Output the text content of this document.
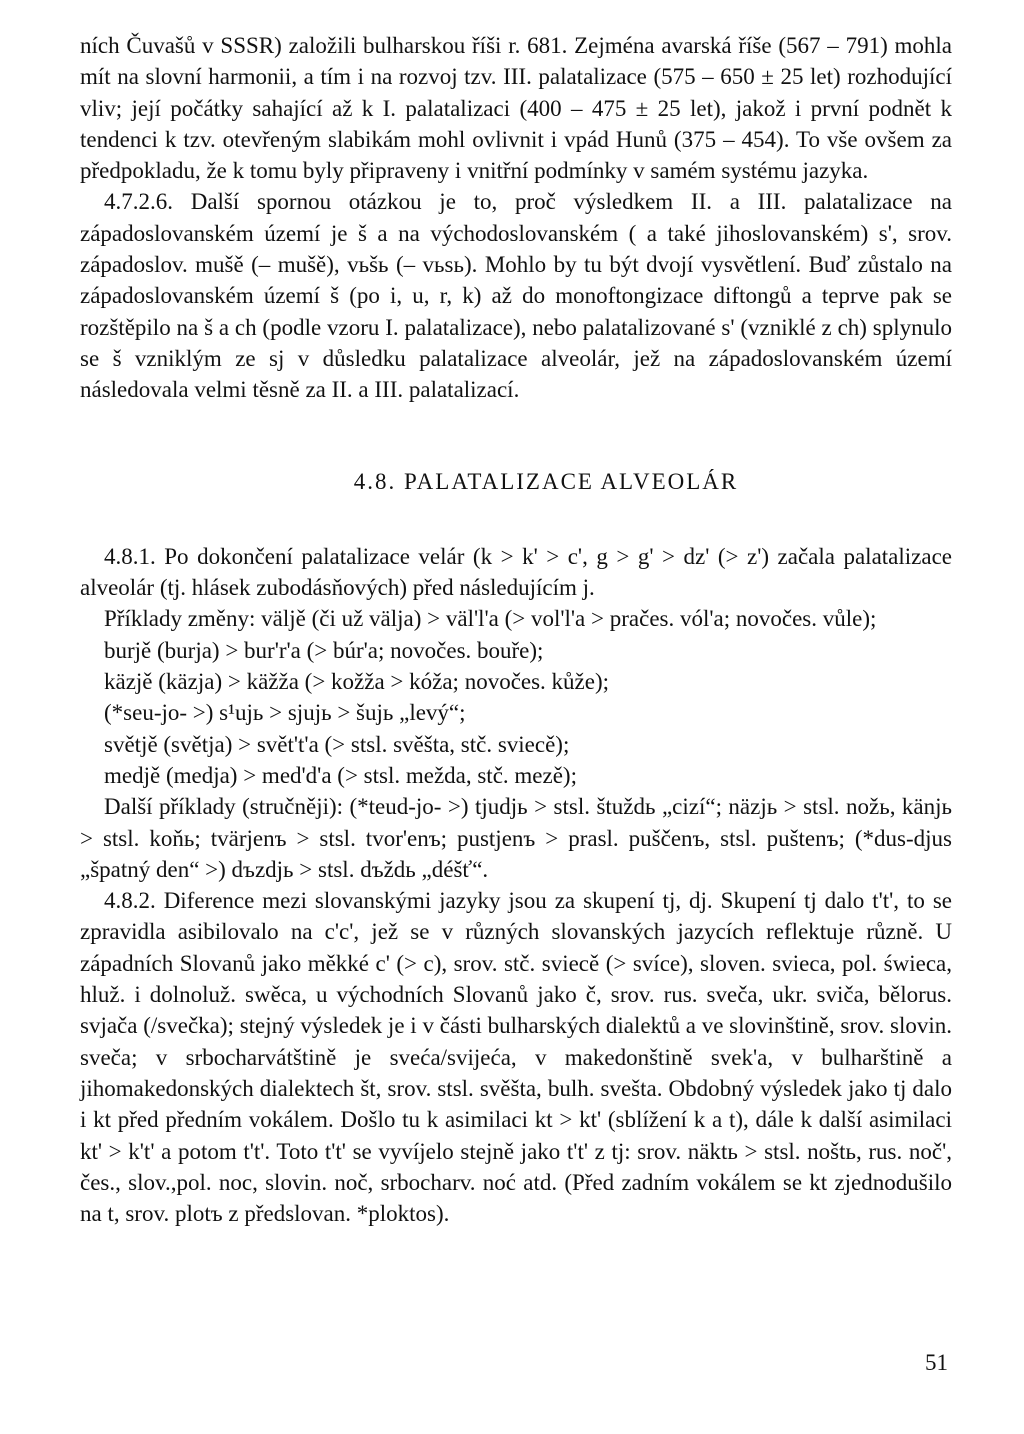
ních Čuvašů v SSSR) založili bulharskou říši r. 681. Zejména avarská říše (567 – 791) mohla mít na slovní harmonii, a tím i na rozvoj tzv. III. palatalizace (575 – 650 ± 25 let) rozhodující vliv; její počátky sahající až k I. palatalizaci (400 – 475 ± 25 let), jakož i první podnět k tendenci k tzv. otevřeným slabikám mohl ovlivnit i vpád Hunů (375 – 454). To vše ovšem za předpokladu, že k tomu byly připraveny i vnitřní podmínky v samém systému jazyka.

4.7.2.6. Další spornou otázkou je to, proč výsledkem II. a III. palatalizace na západoslovanském území je š a na východoslovanském ( a také jihoslovanském) s', srov. západoslov. mušě (– mušě), vьšь (– vьsь). Mohlo by tu být dvojí vysvětlení. Buď zůstalo na západoslovanském území š (po i, u, r, k) až do monoftongizace diftongů a teprve pak se rozštěpilo na š a ch (podle vzoru I. palatalizace), nebo palatalizované s' (vzniklé z ch) splynulo se š vzniklým ze sj v důsledku palatalizace alveolár, jež na západoslovanském území následovala velmi těsně za II. a III. palatalizací.

4.8. PALATALIZACE ALVEOLÁR

4.8.1. Po dokončení palatalizace velár (k > k' > c', g > g' > dz' (> z') začala palatalizace alveolár (tj. hlásek zubodásňových) před následujícím j.

Příklady změny: väljě (či už välja) > väl'l'a (> vol'l'a > pračes. vól'a; novočes. vůle);

burjě (burja) > bur'r'a (> búr'a; novočes. bouře);

käzjě (käzja) > käžža (> kožža > kóža; novočes. kůže);

(*seu-jo- >) s¹ujь > sjujь > šujь „levý“;

světjě (světja) > svět't'a (> stsl. svěšta, stč. sviecě);

medjě (medja) > med'd'a (> stsl. mežda, stč. mezě);

Další příklady (stručněji): (*teud-jo- >) tjudjь > stsl. štuždь „cizí“; näzjь > stsl. nožь, känjь > stsl. koňь; tvärjenъ > stsl. tvor'enъ; pustjenъ > prasl. puščenъ, stsl. puštenъ; (*dus-djus „špatný den“ >) dъzdjь > stsl. dъždь „déšť“.

4.8.2. Diference mezi slovanskými jazyky jsou za skupení tj, dj. Skupení tj dalo t't', to se zpravidla asibilovalo na c'c', jež se v různých slovanských jazycích reflektuje různě. U západních Slovanů jako měkké c' (> c), srov. stč. sviecě (> svíce), sloven. svieca, pol. świeca, hluž. i dolnoluž. swěca, u východních Slovanů jako č, srov. rus. sveča, ukr. sviča, bělorus. svjača (/svečka); stejný výsledek je i v části bulharských dialektů a ve slovinštině, srov. slovin. sveča; v srbocharvátštině je sveća/svijeća, v makedonštině svek'a, v bulharštině a jihomakedonských dialektech št, srov. stsl. svěšta, bulh. svešta. Obdobný výsledek jako tj dalo i kt před předním vokálem. Došlo tu k asimilaci kt > kt' (sblížení k a t), dále k další asimilaci kt' > k't' a potom t't'. Toto t't' se vyvíjelo stejně jako t't' z tj: srov. näktь > stsl. noštь, rus. noč', čes., slov.,pol. noc, slovin. noč, srbocharv. noć atd. (Před zadním vokálem se kt zjednodušilo na t, srov. plotъ z předslovan. *ploktos).

51
